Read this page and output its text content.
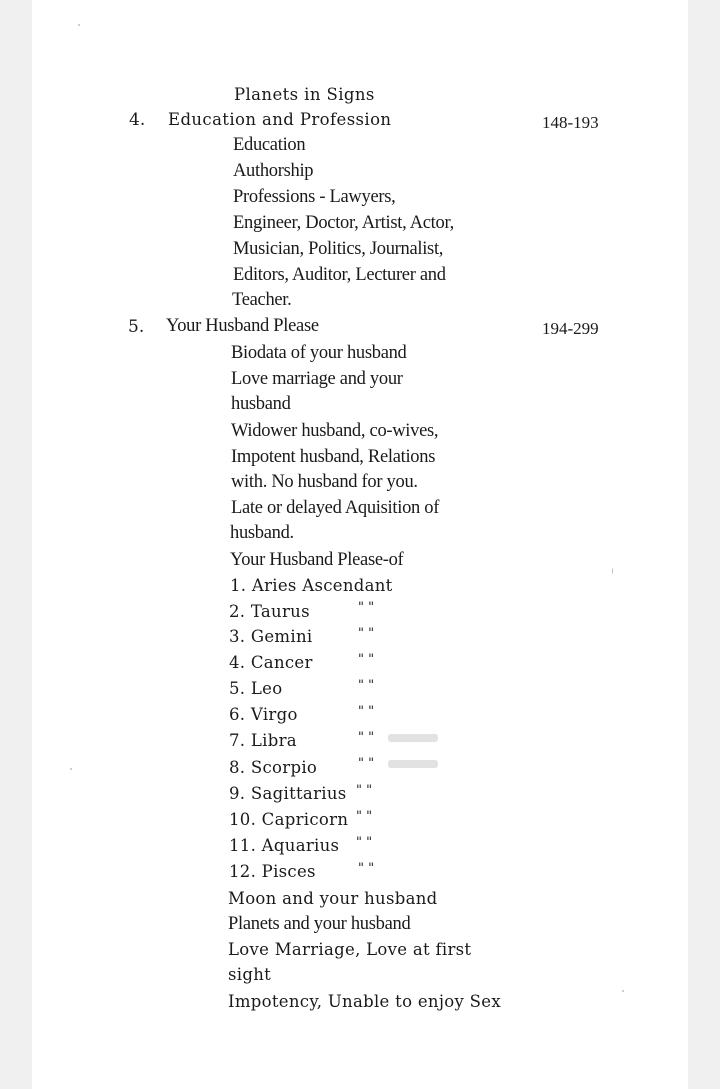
Planets in Signs
4. Education and Profession	148-193
Education
Authorship
Professions - Lawyers,
Engineer, Doctor, Artist, Actor,
Musician, Politics, Journalist,
Editors, Auditor, Lecturer and
Teacher.
5. Your Husband Please	194-299
Biodata of your husband
Love marriage and your
husband
Widower husband, co-wives,
Impotent husband, Relations
with. No husband for you.
Late or delayed Aquisition of
husband.
Your Husband Please-of
1. Aries Ascendant
2. Taurus	" "
3. Gemini	" "
4. Cancer	" "
5. Leo	" "
6. Virgo	" "
7. Libra	" "
8. Scorpio	" "
9. Sagittarius " "
10. Capricorn " "
11. Aquarius " "
12. Pisces	" "
Moon and your husband
Planets and your husband
Love Marriage, Love at first
sight
Impotency, Unable to enjoy Sex
